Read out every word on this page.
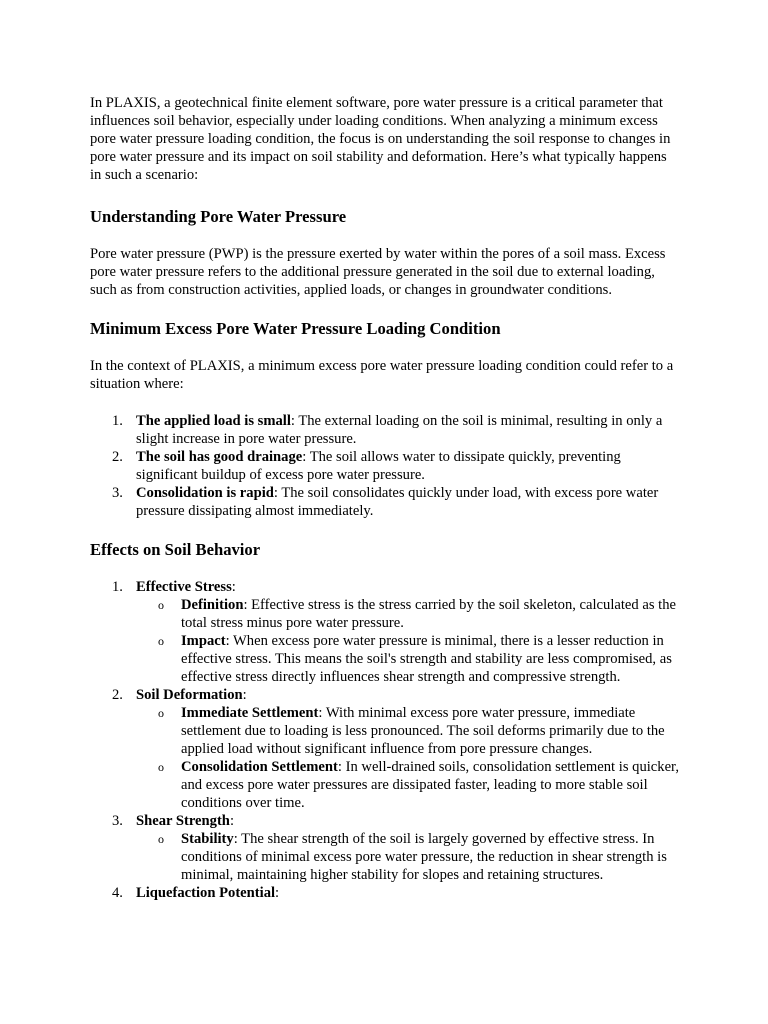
In PLAXIS, a geotechnical finite element software, pore water pressure is a critical parameter that influences soil behavior, especially under loading conditions. When analyzing a minimum excess pore water pressure loading condition, the focus is on understanding the soil response to changes in pore water pressure and its impact on soil stability and deformation. Here’s what typically happens in such a scenario:

Understanding Pore Water Pressure

Pore water pressure (PWP) is the pressure exerted by water within the pores of a soil mass. Excess pore water pressure refers to the additional pressure generated in the soil due to external loading, such as from construction activities, applied loads, or changes in groundwater conditions.

Minimum Excess Pore Water Pressure Loading Condition

In the context of PLAXIS, a minimum excess pore water pressure loading condition could refer to a situation where:

1. The applied load is small: The external loading on the soil is minimal, resulting in only a slight increase in pore water pressure.
2. The soil has good drainage: The soil allows water to dissipate quickly, preventing significant buildup of excess pore water pressure.
3. Consolidation is rapid: The soil consolidates quickly under load, with excess pore water pressure dissipating almost immediately.
Effects on Soil Behavior
1. Effective Stress:
o Definition: Effective stress is the stress carried by the soil skeleton, calculated as the total stress minus pore water pressure.
o Impact: When excess pore water pressure is minimal, there is a lesser reduction in effective stress. This means the soil's strength and stability are less compromised, as effective stress directly influences shear strength and compressive strength.
2. Soil Deformation:
o Immediate Settlement: With minimal excess pore water pressure, immediate settlement due to loading is less pronounced. The soil deforms primarily due to the applied load without significant influence from pore pressure changes.
o Consolidation Settlement: In well-drained soils, consolidation settlement is quicker, and excess pore water pressures are dissipated faster, leading to more stable soil conditions over time.
3. Shear Strength:
o Stability: The shear strength of the soil is largely governed by effective stress. In conditions of minimal excess pore water pressure, the reduction in shear strength is minimal, maintaining higher stability for slopes and retaining structures.
4. Liquefaction Potential:
